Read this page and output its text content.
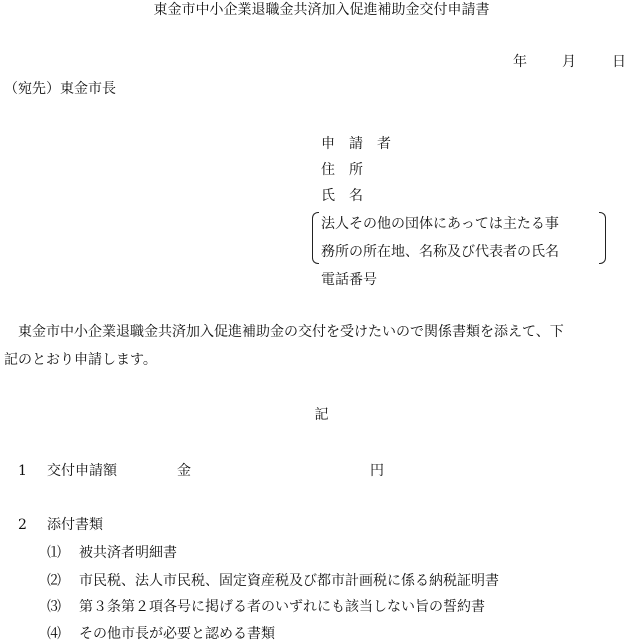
東金市中小企業退職金共済加入促進補助金交付申請書
年	月	日
（宛先）東金市長
申　請　者
住　所
氏　名
法人その他の団体にあっては主たる事
務所の所在地、名称及び代表者の氏名
電話番号
東金市中小企業退職金共済加入促進補助金の交付を受けたいので関係書類を添えて、下
記のとおり申請します。
記
1 交付申請額	金	円
2 添付書類
⑴ 被共済者明細書
⑵ 市民税、法人市民税、固定資産税及び都市計画税に係る納税証明書
⑶ 第３条第２項各号に掲げる者のいずれにも該当しない旨の誓約書
⑷ その他市長が必要と認める書類
